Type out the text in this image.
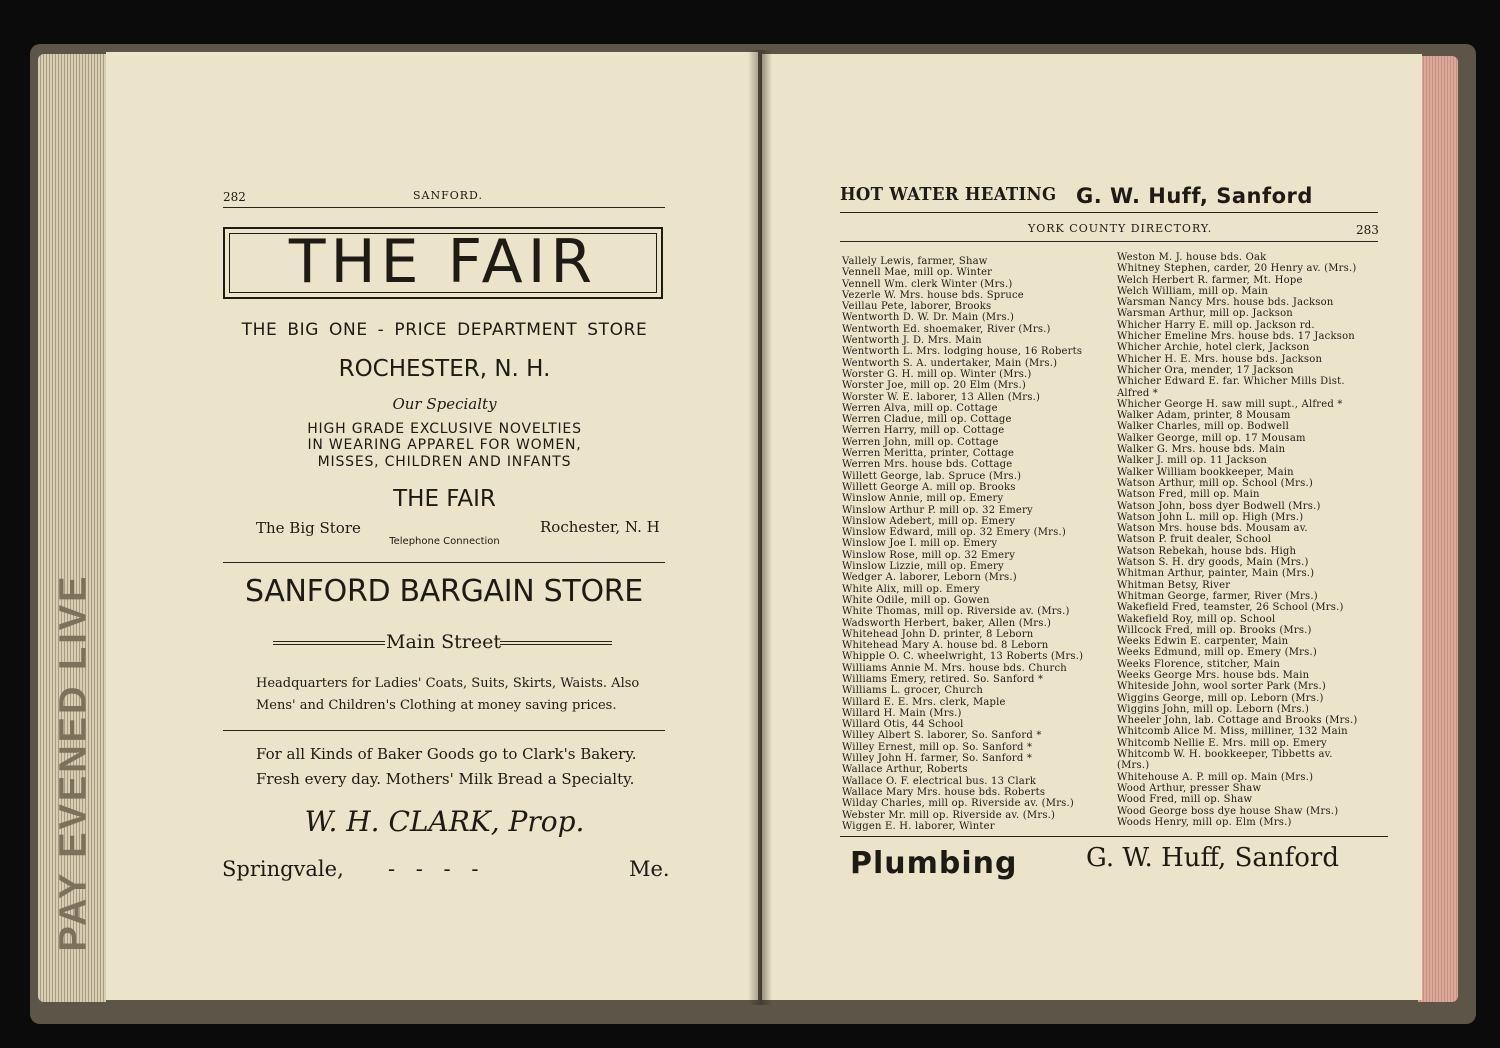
PAY EVENED LIVE
282	SANFORD.
THE FAIR
THE BIG ONE - PRICE DEPARTMENT STORE
ROCHESTER, N. H.
Our Specialty
HIGH GRADE EXCLUSIVE NOVELTIES
IN WEARING APPAREL FOR WOMEN,
MISSES, CHILDREN AND INFANTS
THE FAIR
The Big Store	Rochester, N. H
Telephone Connection
SANFORD BARGAIN STORE
Main Street
Headquarters for Ladies' Coats, Suits, Skirts, Waists. Also
Mens' and Children's Clothing at money saving prices.
For all Kinds of Baker Goods go to Clark's Bakery.
Fresh every day. Mothers' Milk Bread a Specialty.
W. H. CLARK, Prop.
Springvale, - - - -	Me.
HOT WATER HEATING G. W. Huff, Sanford
YORK COUNTY DIRECTORY.	283
Vallely Lewis, farmer, Shaw
Vennell Mae, mill op. Winter
Vennell Wm. clerk Winter (Mrs.)
Vezerle W. Mrs. house bds. Spruce
Veillau Pete, laborer, Brooks
Wentworth D. W. Dr. Main (Mrs.)
Wentworth Ed. shoemaker, River (Mrs.)
Wentworth J. D. Mrs. Main
Wentworth L. Mrs. lodging house, 16 Roberts
Wentworth S. A. undertaker, Main (Mrs.)
Worster G. H. mill op. Winter (Mrs.)
Worster Joe, mill op. 20 Elm (Mrs.)
Worster W. E. laborer, 13 Allen (Mrs.)
Werren Alva, mill op. Cottage
Werren Cladue, mill op. Cottage
Werren Harry, mill op. Cottage
Werren John, mill op. Cottage
Werren Meritta, printer, Cottage
Werren Mrs. house bds. Cottage
Willett George, lab. Spruce (Mrs.)
Willett George A. mill op. Brooks
Winslow Annie, mill op. Emery
Winslow Arthur P. mill op. 32 Emery
Winslow Adebert, mill op. Emery
Winslow Edward, mill op. 32 Emery (Mrs.)
Winslow Joe I. mill op. Emery
Winslow Rose, mill op. 32 Emery
Winslow Lizzie, mill op. Emery
Wedger A. laborer, Leborn (Mrs.)
White Alix, mill op. Emery
White Odile, mill op. Gowen
White Thomas, mill op. Riverside av. (Mrs.)
Wadsworth Herbert, baker, Allen (Mrs.)
Whitehead John D. printer, 8 Leborn
Whitehead Mary A. house bd. 8 Leborn
Whipple O. C. wheelwright, 13 Roberts (Mrs.)
Williams Annie M. Mrs. house bds. Church
Williams Emery, retired. So. Sanford *
Williams L. grocer, Church
Willard E. E. Mrs. clerk, Maple
Willard H. Main (Mrs.)
Willard Otis, 44 School
Willey Albert S. laborer, So. Sanford *
Willey Ernest, mill op. So. Sanford *
Willey John H. farmer, So. Sanford *
Wallace Arthur, Roberts
Wallace O. F. electrical bus. 13 Clark
Wallace Mary Mrs. house bds. Roberts
Wilday Charles, mill op. Riverside av. (Mrs.)
Webster Mr. mill op. Riverside av. (Mrs.)
Wiggen E. H. laborer, Winter
Weston M. J. house bds. Oak
Whitney Stephen, carder, 20 Henry av. (Mrs.)
Welch Herbert R. farmer, Mt. Hope
Welch William, mill op. Main
Warsman Nancy Mrs. house bds. Jackson
Warsman Arthur, mill op. Jackson
Whicher Harry E. mill op. Jackson rd.
Whicher Emeline Mrs. house bds. 17 Jackson
Whicher Archie, hotel clerk, Jackson
Whicher H. E. Mrs. house bds. Jackson
Whicher Ora, mender, 17 Jackson
Whicher Edward E. far. Whicher Mills Dist.
Alfred *
Whicher George H. saw mill supt., Alfred *
Walker Adam, printer, 8 Mousam
Walker Charles, mill op. Bodwell
Walker George, mill op. 17 Mousam
Walker G. Mrs. house bds. Main
Walker J. mill op. 11 Jackson
Walker William bookkeeper, Main
Watson Arthur, mill op. School (Mrs.)
Watson Fred, mill op. Main
Watson John, boss dyer Bodwell (Mrs.)
Watson John L. mill op. High (Mrs.)
Watson Mrs. house bds. Mousam av.
Watson P. fruit dealer, School
Watson Rebekah, house bds. High
Watson S. H. dry goods, Main (Mrs.)
Whitman Arthur, painter, Main (Mrs.)
Whitman Betsy, River
Whitman George, farmer, River (Mrs.)
Wakefield Fred, teamster, 26 School (Mrs.)
Wakefield Roy, mill op. School
Willcock Fred, mill op. Brooks (Mrs.)
Weeks Edwin E. carpenter, Main
Weeks Edmund, mill op. Emery (Mrs.)
Weeks Florence, stitcher, Main
Weeks George Mrs. house bds. Main
Whiteside John, wool sorter Park (Mrs.)
Wiggins George, mill op. Leborn (Mrs.)
Wiggins John, mill op. Leborn (Mrs.)
Wheeler John, lab. Cottage and Brooks (Mrs.)
Whitcomb Alice M. Miss, milliner, 132 Main
Whitcomb Nellie E. Mrs. mill op. Emery
Whitcomb W. H. bookkeeper, Tibbetts av.
(Mrs.)
Whitehouse A. P. mill op. Main (Mrs.)
Wood Arthur, presser Shaw
Wood Fred, mill op. Shaw
Wood George boss dye house Shaw (Mrs.)
Woods Henry, mill op. Elm (Mrs.)
Plumbing	G. W. Huff, Sanford
